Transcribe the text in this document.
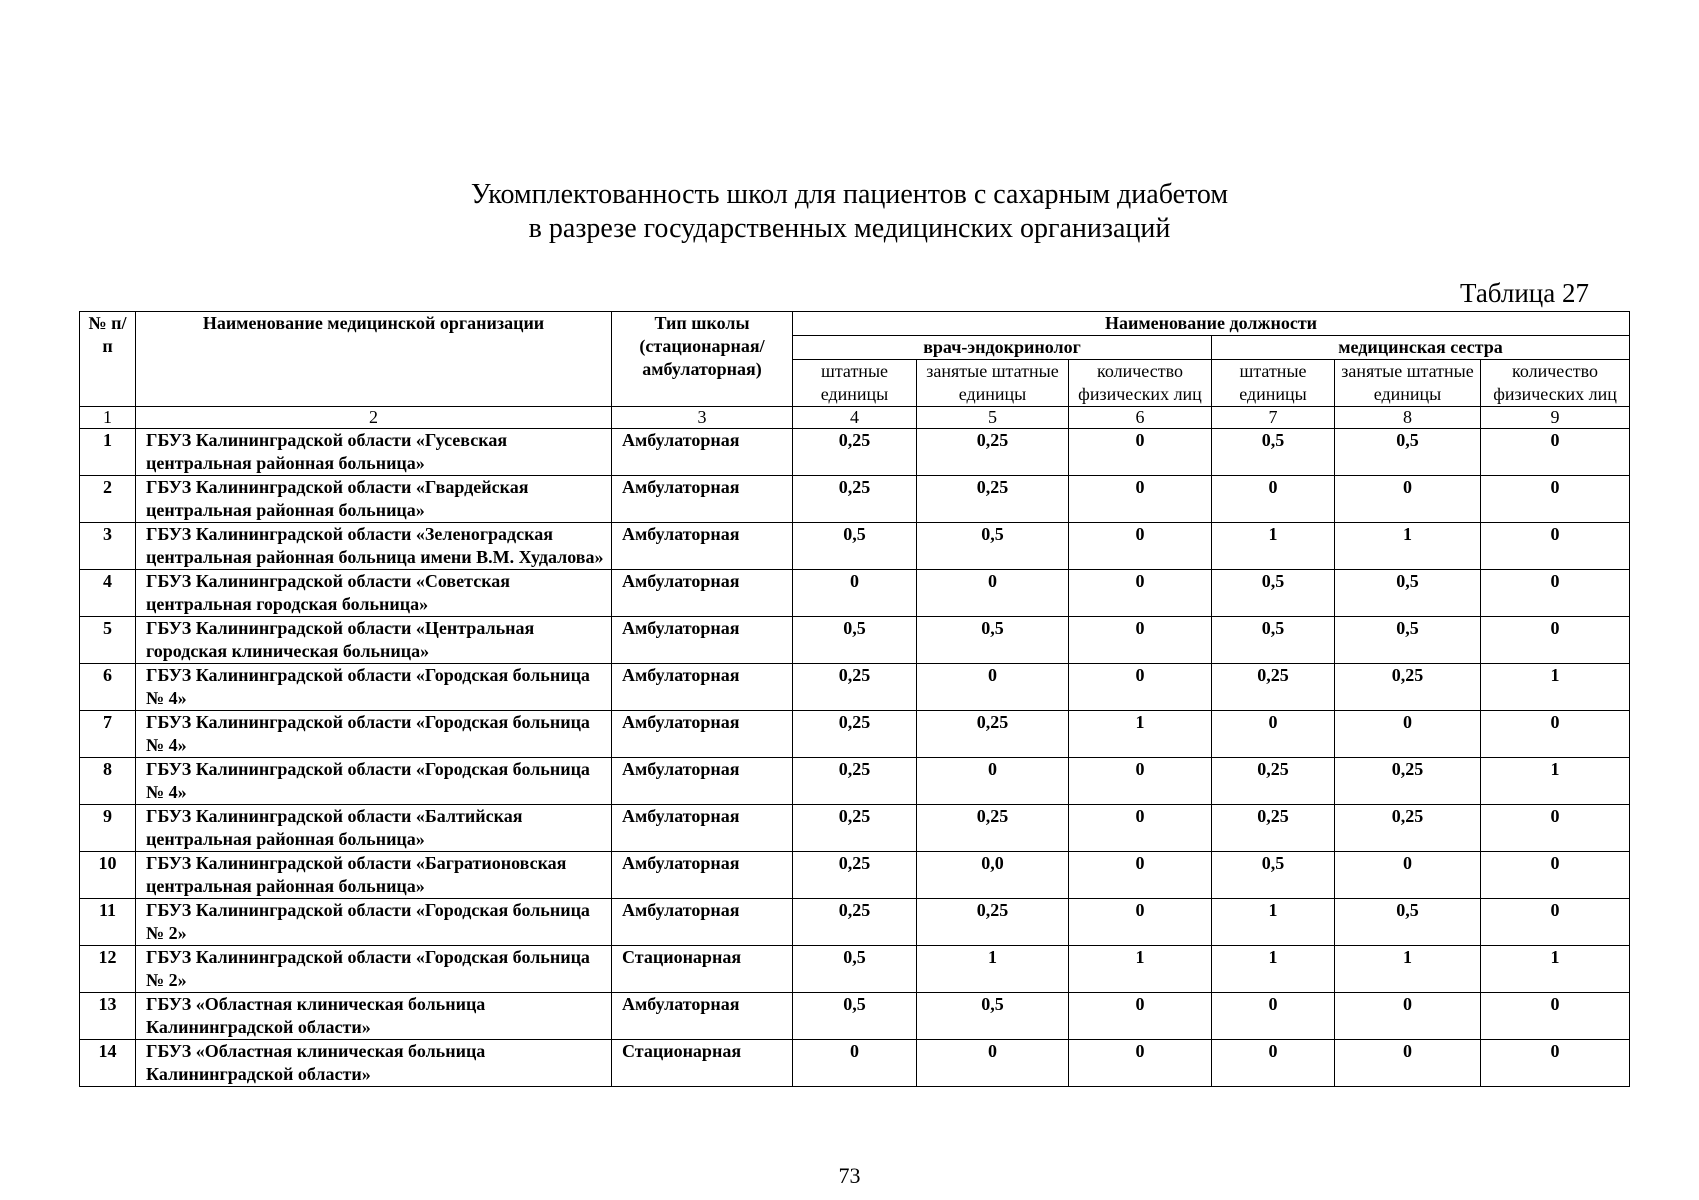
Укомплектованность школ для пациентов с сахарным диабетом
в разрезе государственных медицинских организаций
Таблица 27
№ п/п	Наименование медицинской организации	Тип школы (стационарная/ амбулаторная)	Наименование должности					
			врач-эндокринолог			медицинская сестра		
			штатные единицы	занятые штатные единицы	количество физических лиц	штатные единицы	занятые штатные единицы	количество физических лиц
1	2	3	4	5	6	7	8	9
1	ГБУЗ Калининградской области «Гусевская центральная районная больница»	Амбулаторная	0,25	0,25	0	0,5	0,5	0
2	ГБУЗ Калининградской области «Гвардейская центральная районная больница»	Амбулаторная	0,25	0,25	0	0	0	0
3	ГБУЗ Калининградской области «Зеленоградская центральная районная больница имени В.М. Худалова»	Амбулаторная	0,5	0,5	0	1	1	0
4	ГБУЗ Калининградской области «Советская центральная городская больница»	Амбулаторная	0	0	0	0,5	0,5	0
5	ГБУЗ Калининградской области «Центральная городская клиническая больница»	Амбулаторная	0,5	0,5	0	0,5	0,5	0
6	ГБУЗ Калининградской области «Городская больница № 4»	Амбулаторная	0,25	0	0	0,25	0,25	1
7	ГБУЗ Калининградской области «Городская больница № 4»	Амбулаторная	0,25	0,25	1	0	0	0
8	ГБУЗ Калининградской области «Городская больница № 4»	Амбулаторная	0,25	0	0	0,25	0,25	1
9	ГБУЗ Калининградской области «Балтийская центральная районная больница»	Амбулаторная	0,25	0,25	0	0,25	0,25	0
10	ГБУЗ Калининградской области «Багратионовская центральная районная больница»	Амбулаторная	0,25	0,0	0	0,5	0	0
11	ГБУЗ Калининградской области «Городская больница № 2»	Амбулаторная	0,25	0,25	0	1	0,5	0
12	ГБУЗ Калининградской области «Городская больница № 2»	Стационарная	0,5	1	1	1	1	1
13	ГБУЗ «Областная клиническая больница Калининградской области»	Амбулаторная	0,5	0,5	0	0	0	0
14	ГБУЗ «Областная клиническая больница Калининградской области»	Стационарная	0	0	0	0	0	0
73
